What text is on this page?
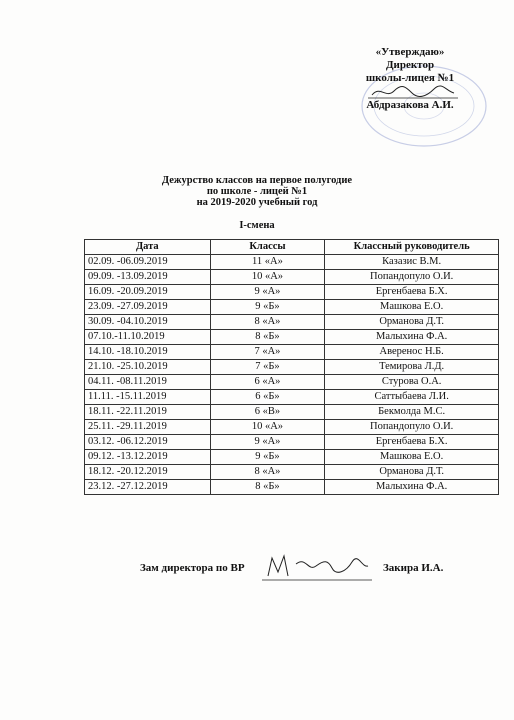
«Утверждаю»
Директор
школы-лицея №1
Абдразакова А.И.
Дежурство классов на первое полугодие
по школе - лицей №1
на 2019-2020 учебный год
I-смена
Дата	Классы	Классный руководитель
02.09. -06.09.2019	11 «А»	Казазис В.М.
09.09. -13.09.2019	10 «А»	Попандопуло О.И.
16.09. -20.09.2019	9 «А»	Ергенбаева Б.Х.
23.09. -27.09.2019	9 «Б»	Машкова Е.О.
30.09. -04.10.2019	8 «А»	Орманова Д.Т.
07.10.-11.10.2019	8 «Б»	Малыхина Ф.А.
14.10. -18.10.2019	7 «А»	Аверенос Н.Б.
21.10. -25.10.2019	7 «Б»	Темирова Л.Д.
04.11. -08.11.2019	6 «А»	Стурова О.А.
11.11. -15.11.2019	6 «Б»	Саттыбаева Л.И.
18.11. -22.11.2019	6 «В»	Бекмолда М.С.
25.11. -29.11.2019	10 «А»	Попандопуло О.И.
03.12. -06.12.2019	9 «А»	Ергенбаева Б.Х.
09.12. -13.12.2019	9 «Б»	Машкова Е.О.
18.12. -20.12.2019	8 «А»	Орманова Д.Т.
23.12. -27.12.2019	8 «Б»	Малыхина Ф.А.
Зам директора по ВР	Закира И.А.
